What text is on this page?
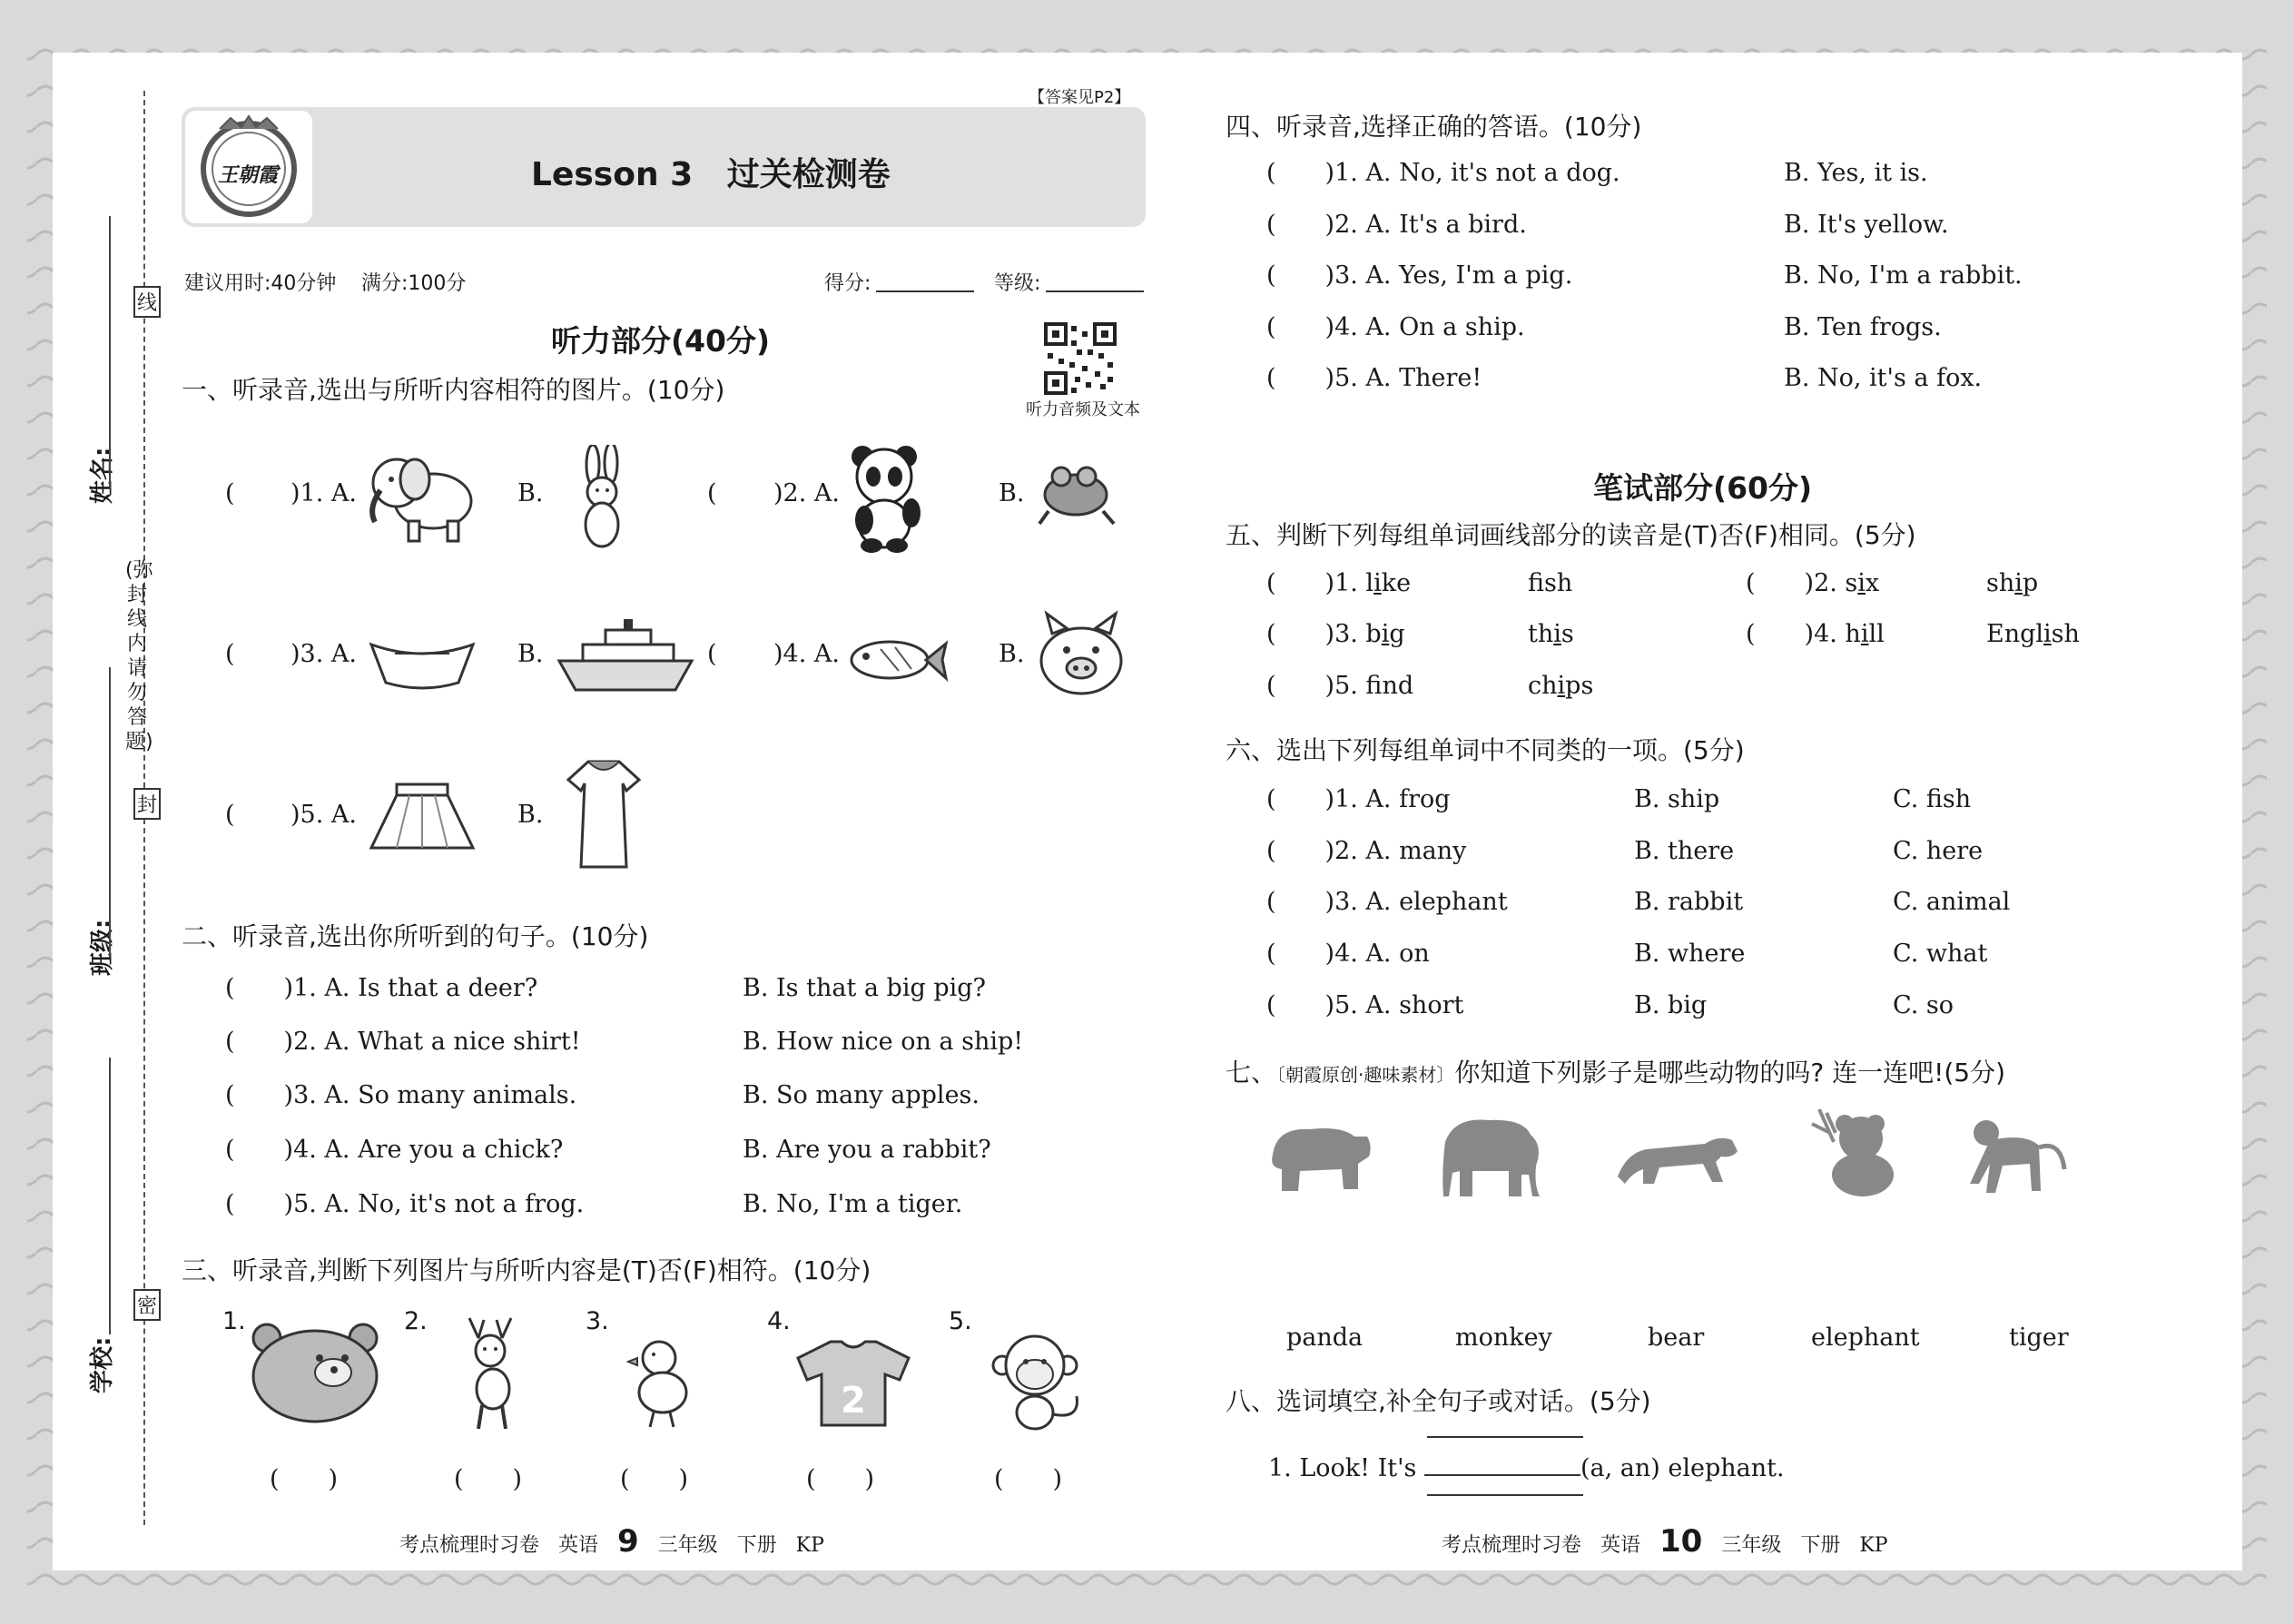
线
封
密
(弥封线内请勿答题)
姓名:
班级:
学校:
【答案见P2】
王朝霞	Lesson 3 过关检测卷
建议用时:40分钟 满分:100分	得分:	等级:
听力部分(40分)
听力音频及文本
一、听录音,选出与所听内容相符的图片。(10分)
( )1. A.	B.	( )2. A.	B.
( )3. A.	B.	( )4. A.	B.
( )5. A.	B.
二、听录音,选出你所听到的句子。(10分)
(  )1. A. Is that a deer?	B. Is that a big pig?
(  )2. A. What a nice shirt!	B. How nice on a ship!
(  )3. A. So many animals.	B. So many apples.
(  )4. A. Are you a chick?	B. Are you a rabbit?
(  )5. A. No, it's not a frog.	B. No, I'm a tiger.
三、听录音,判断下列图片与所听内容是(T)否(F)相符。(10分)
1.
(  )
2.
(  )
3.
(  )
4.
2
(  )
5.
(  )
考点梳理时习卷 英语 9 三年级 下册 KP
四、听录音,选择正确的答语。(10分)
(  )1. A. No, it's not a dog.	B. Yes, it is.
(  )2. A. It's a bird.	B. It's yellow.
(  )3. A. Yes, I'm a pig.	B. No, I'm a rabbit.
(  )4. A. On a ship.	B. Ten frogs.
(  )5. A. There!	B. No, it's a fox.
笔试部分(60分)
五、判断下列每组单词画线部分的读音是(T)否(F)相同。(5分)
(  )1. like	fsh	(  )2. six	ship
(  )3. big	this	(  )4. hill	English
(  )5. fnd	chips
六、选出下列每组单词中不同类的一项。(5分)
(  )1. A. frog	B. ship	C. fish
(  )2. A. many	B. there	C. here
(  )3. A. elephant	B. rabbit	C. animal
(  )4. A. on	B. where	C. what
(  )5. A. short	B. big	C. so
七、〔朝霞原创·趣味素材〕你知道下列影子是哪些动物的吗? 连一连吧!(5分)
panda	monkey	bear	elephant	tiger
八、选词填空,补全句子或对话。(5分)
1. Look! It's	(a, an) elephant.
考点梳理时习卷 英语 10 三年级 下册 KP
